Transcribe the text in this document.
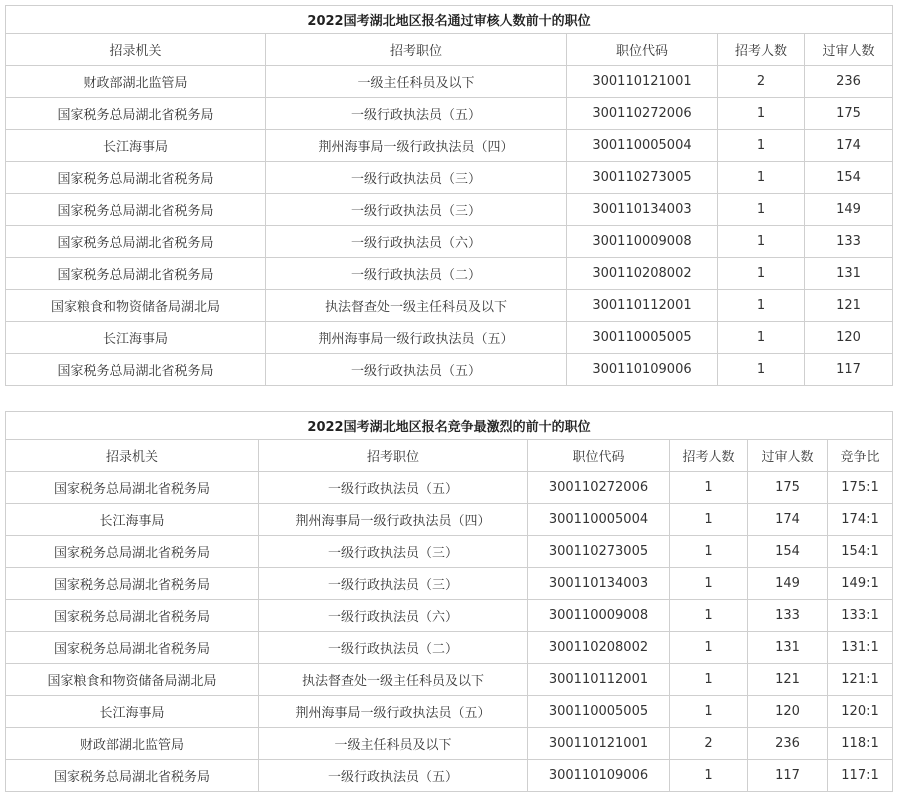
2022国考湖北地区报名通过审核人数前十的职位				
招录机关	招考职位	职位代码	招考人数	过审人数
财政部湖北监管局	一级主任科员及以下	300110121001	2	236
国家税务总局湖北省税务局	一级行政执法员（五）	300110272006	1	175
长江海事局	荆州海事局一级行政执法员（四）	300110005004	1	174
国家税务总局湖北省税务局	一级行政执法员（三）	300110273005	1	154
国家税务总局湖北省税务局	一级行政执法员（三）	300110134003	1	149
国家税务总局湖北省税务局	一级行政执法员（六）	300110009008	1	133
国家税务总局湖北省税务局	一级行政执法员（二）	300110208002	1	131
国家粮食和物资储备局湖北局	执法督查处一级主任科员及以下	300110112001	1	121
长江海事局	荆州海事局一级行政执法员（五）	300110005005	1	120
国家税务总局湖北省税务局	一级行政执法员（五）	300110109006	1	117
2022国考湖北地区报名竞争最激烈的前十的职位					
招录机关	招考职位	职位代码	招考人数	过审人数	竞争比
国家税务总局湖北省税务局	一级行政执法员（五）	300110272006	1	175	175:1
长江海事局	荆州海事局一级行政执法员（四）	300110005004	1	174	174:1
国家税务总局湖北省税务局	一级行政执法员（三）	300110273005	1	154	154:1
国家税务总局湖北省税务局	一级行政执法员（三）	300110134003	1	149	149:1
国家税务总局湖北省税务局	一级行政执法员（六）	300110009008	1	133	133:1
国家税务总局湖北省税务局	一级行政执法员（二）	300110208002	1	131	131:1
国家粮食和物资储备局湖北局	执法督查处一级主任科员及以下	300110112001	1	121	121:1
长江海事局	荆州海事局一级行政执法员（五）	300110005005	1	120	120:1
财政部湖北监管局	一级主任科员及以下	300110121001	2	236	118:1
国家税务总局湖北省税务局	一级行政执法员（五）	300110109006	1	117	117:1
